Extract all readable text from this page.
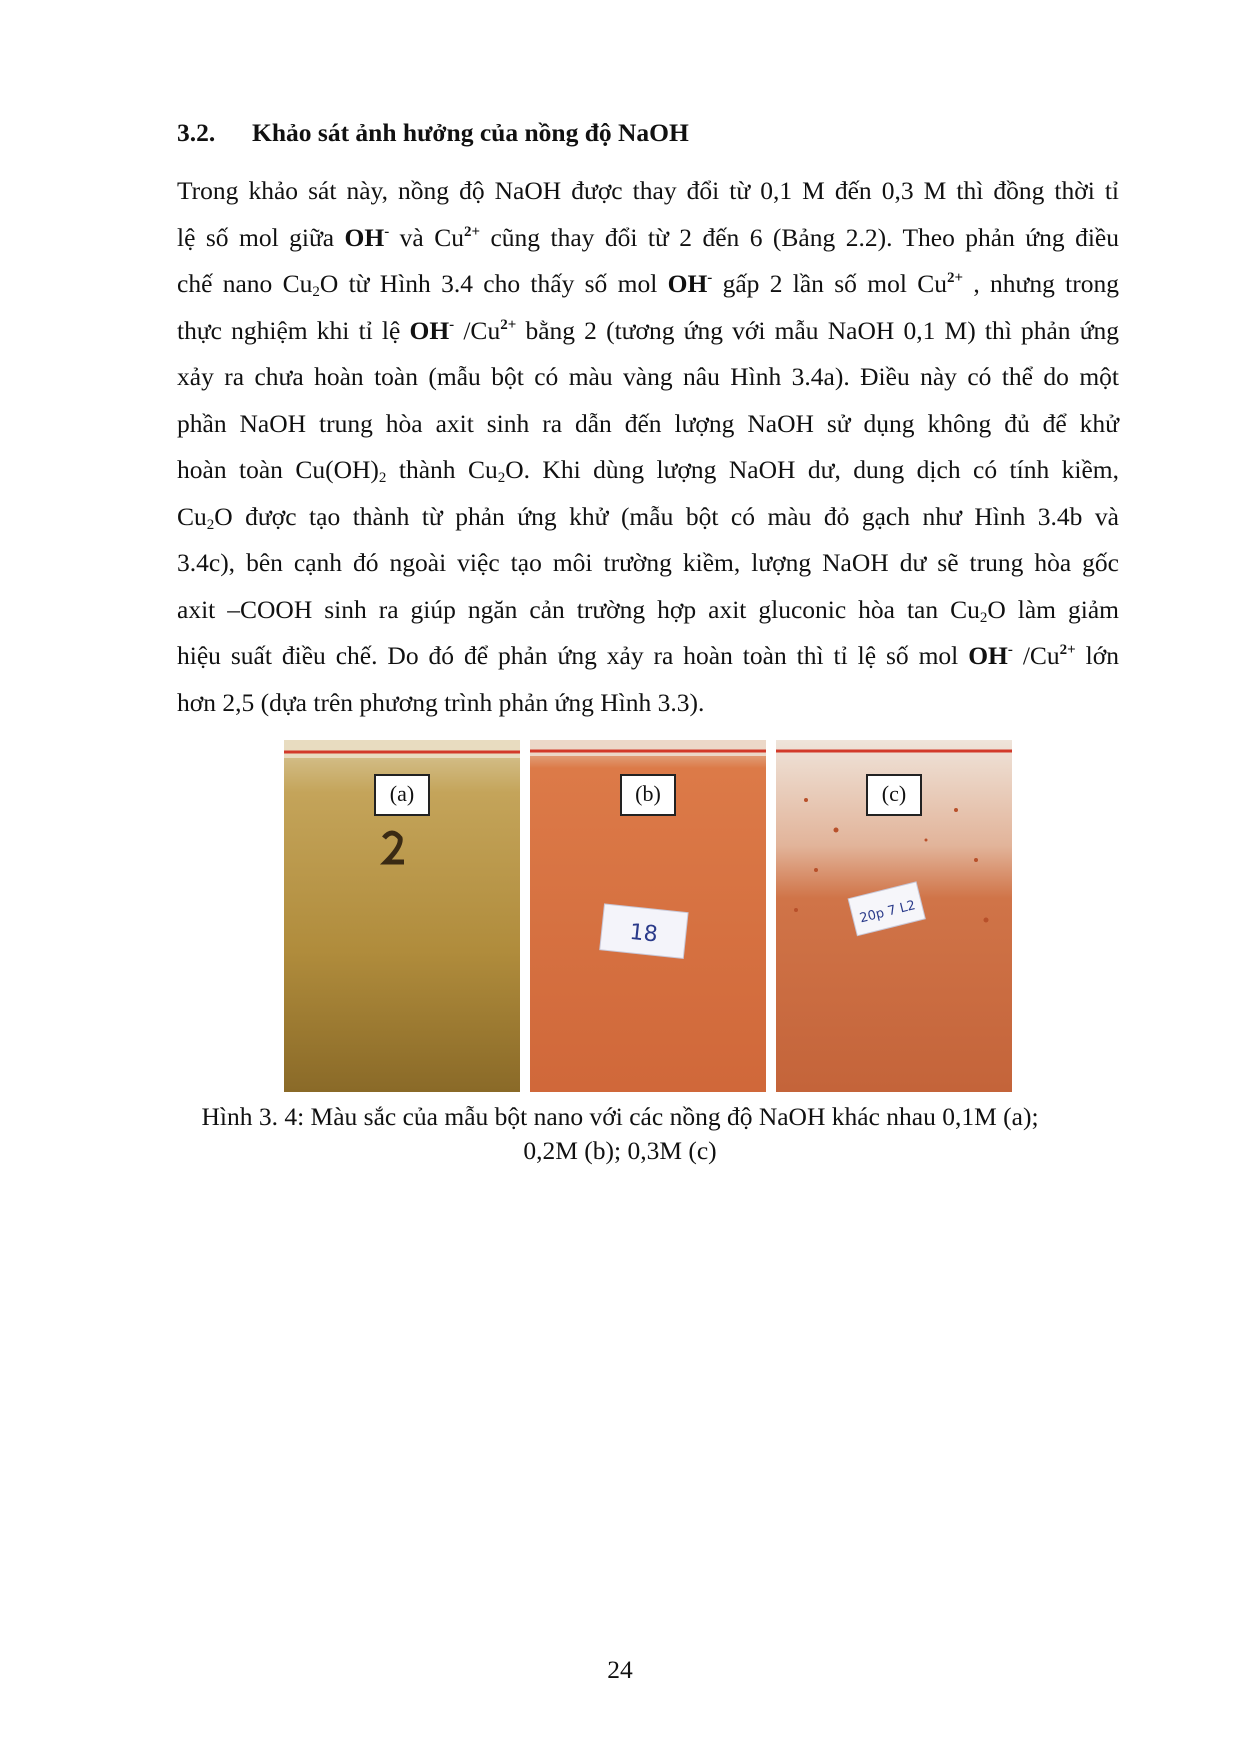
3.2. Khảo sát ảnh hưởng của nồng độ NaOH
Trong khảo sát này, nồng độ NaOH được thay đổi từ 0,1 M đến 0,3 M thì đồng thời tỉ
lệ số mol giữa OH- và $Cu^{2+}$ cũng thay đổi từ 2 đến 6 (Bảng 2.2). Theo phản ứng điều
chế nano $Cu_2O$ từ Hình 3.4 cho thấy số mol OH- gấp 2 lần số mol $Cu^{2+}$ , nhưng trong
thực nghiệm khi tỉ lệ OH- $/Cu^{2+}$ bằng 2 (tương ứng với mẫu NaOH 0,1 M) thì phản ứng
xảy ra chưa hoàn toàn (mẫu bột có màu vàng nâu Hình 3.4a). Điều này có thể do một
phần NaOH trung hòa axit sinh ra dẫn đến lượng NaOH sử dụng không đủ để khử
hoàn toàn $Cu(OH)_2$ thành $Cu_2O$. Khi dùng lượng NaOH dư, dung dịch có tính kiềm,
$Cu_2O$ được tạo thành từ phản ứng khử (mẫu bột có màu đỏ gạch như Hình 3.4b và
3.4c), bên cạnh đó ngoài việc tạo môi trường kiềm, lượng NaOH dư sẽ trung hòa gốc
axit –COOH sinh ra giúp ngăn cản trường hợp axit gluconic hòa $\tan Cu_2O$ làm giảm
hiệu suất điều chế. Do đó để phản ứng xảy ra hoàn toàn thì tỉ lệ số mol OH- $/Cu^{2+}$ lớn
hơn 2,5 (dựa trên phương trình phản ứng Hình 3.3).
(a)
18
(b)
20p 7 L2
(c)
Hình 3. 4: Màu sắc của mẫu bột nano với các nồng độ NaOH khác nhau 0,1M (a);
0,2M (b); 0,3M (c)
24
